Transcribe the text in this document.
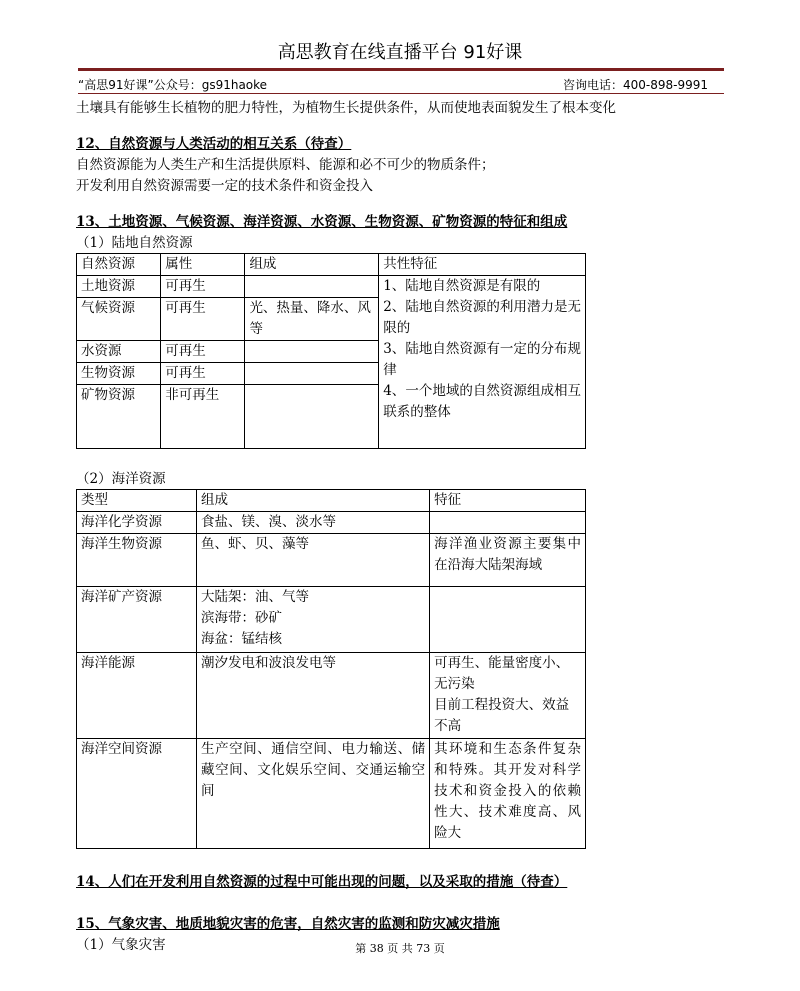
高思教育在线直播平台 91好课
“高思91好课”公众号：gs91haoke	咨询电话：400-898-9991

土壤具有能够生长植物的肥力特性，为植物生长提供条件，从而使地表面貌发生了根本变化

12、自然资源与人类活动的相互关系（待查）

自然资源能为人类生产和生活提供原料、能源和必不可少的物质条件；

开发利用自然资源需要一定的技术条件和资金投入

13、土地资源、气候资源、海洋资源、水资源、生物资源、矿物资源的特征和组成

（1）陆地自然资源

自然资源	属性	组成	共性特征
土地资源	可再生		1、陆地自然资源是有限的
2、陆地自然资源的利用潜力是无限的
3、陆地自然资源有一定的分布规律
4、一个地域的自然资源组成相互联系的整体

气候资源	可再生	光、热量、降水、风等	
水资源	可再生		
生物资源	可再生		
矿物资源	非可再生		

（2）海洋资源

类型	组成	特征
海洋化学资源	食盐、镁、溴、淡水等	

海洋生物资源	鱼、虾、贝、藻等	海洋渔业资源主要集中在沿海大陆架海域

海洋矿产资源	大陆架：油、气等
滨海带：砂矿
海盆：锰结核	

海洋能源	潮汐发电和波浪发电等	可再生、能量密度小、无污染
目前工程投资大、效益不高

海洋空间资源	生产空间、通信空间、电力输送、储藏空间、文化娱乐空间、交通运输空间	其环境和生态条件复杂和特殊。其开发对科学技术和资金投入的依赖性大、技术难度高、风险大

14、人们在开发利用自然资源的过程中可能出现的问题，以及采取的措施（待查）

15、气象灾害、地质地貌灾害的危害，自然灾害的监测和防灾减灾措施

（1）气象灾害	第 38 页 共 73 页
